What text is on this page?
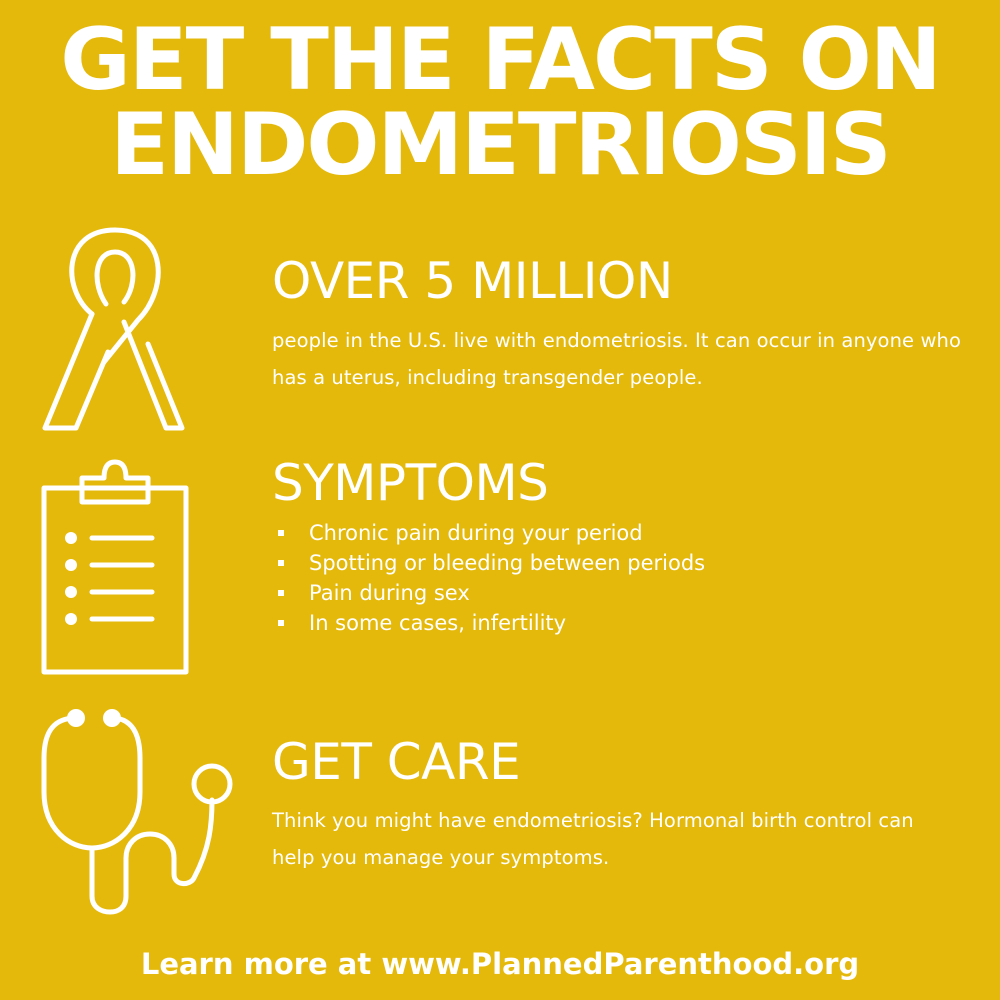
GET THE FACTS ON
ENDOMETRIOSIS
OVER 5 MILLION
people in the U.S. live with endometriosis. It can occur in anyone who has a uterus, including transgender people.
SYMPTOMS
Chronic pain during your period
Spotting or bleeding between periods
Pain during sex
In some cases, infertility
GET CARE
Think you might have endometriosis? Hormonal birth control can help you manage your symptoms.
Learn more at www.PlannedParenthood.org
